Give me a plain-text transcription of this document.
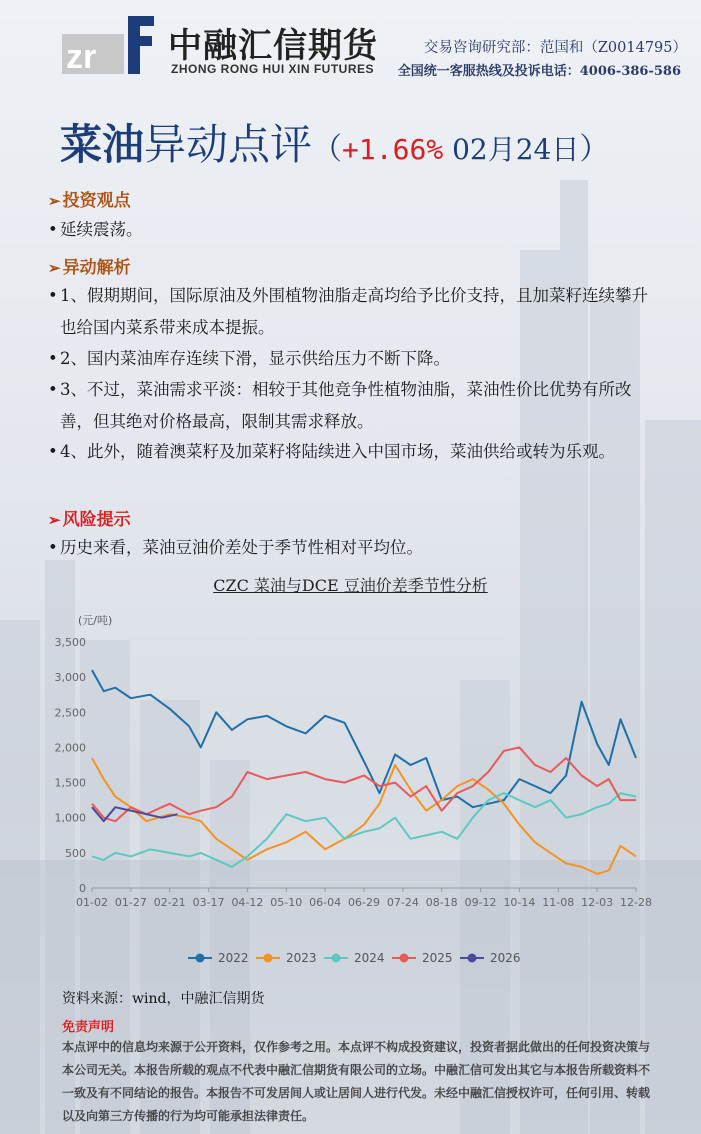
zr 中融汇信期货
ZHONG RONG HUI XIN FUTURES
交易咨询研究部：范国和（Z0014795）
全国统一客服热线及投诉电话：4006-386-586
菜油异动点评（+1.66% 02月24日）
➢ 投资观点
• 延续震荡。
➢ 异动解析
• 1、假期期间，国际原油及外围植物油脂走高均给予比价支持，且加菜籽连续攀升也给国内菜系带来成本提振。
• 2、国内菜油库存连续下滑，显示供给压力不断下降。
• 3、不过，菜油需求平淡：相较于其他竞争性植物油脂，菜油性价比优势有所改善，但其绝对价格最高，限制其需求释放。
• 4、此外，随着澳菜籽及加菜籽将陆续进入中国市场，菜油供给或转为乐观。
➢ 风险提示
• 历史来看，菜油豆油价差处于季节性相对平均位。
CZC 菜油与DCE 豆油价差季节性分析
(元/吨)
0
500
1,000
1,500
2,000
2,500
3,000
3,500
01-02 01-27 02-21 03-17 04-12 05-10 06-04 06-29 07-24 08-18 09-12 10-14 11-08 12-03 12-28
2022	2023	2024	2025	2026
资料来源：wind，中融汇信期货
免责声明
本点评中的信息均来源于公开资料，仅作参考之用。本点评不构成投资建议，投资者据此做出的任何投资决策与本公司无关。本报告所载的观点不代表中融汇信期货有限公司的立场。中融汇信可发出其它与本报告所载资料不一致及有不同结论的报告。本报告不可发居间人或让居间人进行代发。未经中融汇信授权许可，任何引用、转载以及向第三方传播的行为均可能承担法律责任。
